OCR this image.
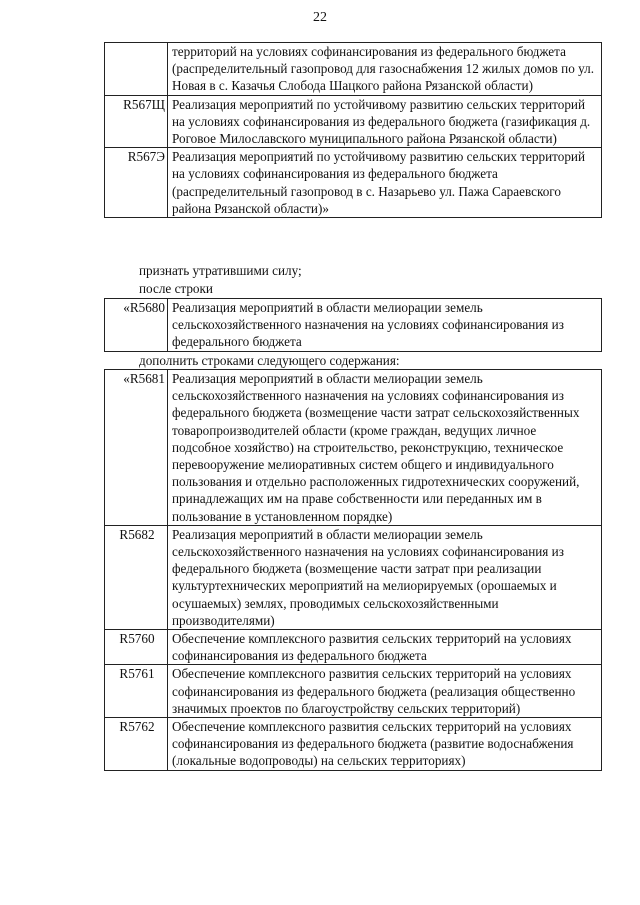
22
	территорий на условиях софинансирования из федерального бюджета (распределительный газопровод для газоснабжения 12 жилых домов по ул. Новая в с. Казачья Слобода Шацкого района Рязанской области)
R567Щ	Реализация мероприятий по устойчивому развитию сельских территорий на условиях софинансирования из федерального бюджета (газификация д. Роговое Милославского муниципального района Рязанской области)
R567Э	Реализация мероприятий по устойчивому развитию сельских территорий на условиях софинансирования из федерального бюджета (распределительный газопровод в с. Назарьево ул. Пажа Сараевского района Рязанской области)»
признать утратившими силу;
после строки
«R5680	Реализация мероприятий в области мелиорации земель сельскохозяйственного назначения на условиях софинансирования из федерального бюджета
дополнить строками следующего содержания:
«R5681	Реализация мероприятий в области мелиорации земель сельскохозяйственного назначения на условиях софинансирования из федерального бюджета (возмещение части затрат сельскохозяйственных товаропроизводителей области (кроме граждан, ведущих личное подсобное хозяйство) на строительство, реконструкцию, техническое перевооружение мелиоративных систем общего и индивидуального пользования и отдельно расположенных гидротехнических сооружений, принадлежащих им на праве собственности или переданных им в пользование в установленном порядке)
R5682	Реализация мероприятий в области мелиорации земель сельскохозяйственного назначения на условиях софинансирования из федерального бюджета (возмещение части затрат при реализации культуртехнических мероприятий на мелиорируемых (орошаемых и осушаемых) землях, проводимых сельскохозяйственными производителями)
R5760	Обеспечение комплексного развития сельских территорий на условиях софинансирования из федерального бюджета
R5761	Обеспечение комплексного развития сельских территорий на условиях софинансирования из федерального бюджета (реализация общественно значимых проектов по благоустройству сельских территорий)
R5762	Обеспечение комплексного развития сельских территорий на условиях софинансирования из федерального бюджета (развитие водоснабжения (локальные водопроводы) на сельских территориях)
